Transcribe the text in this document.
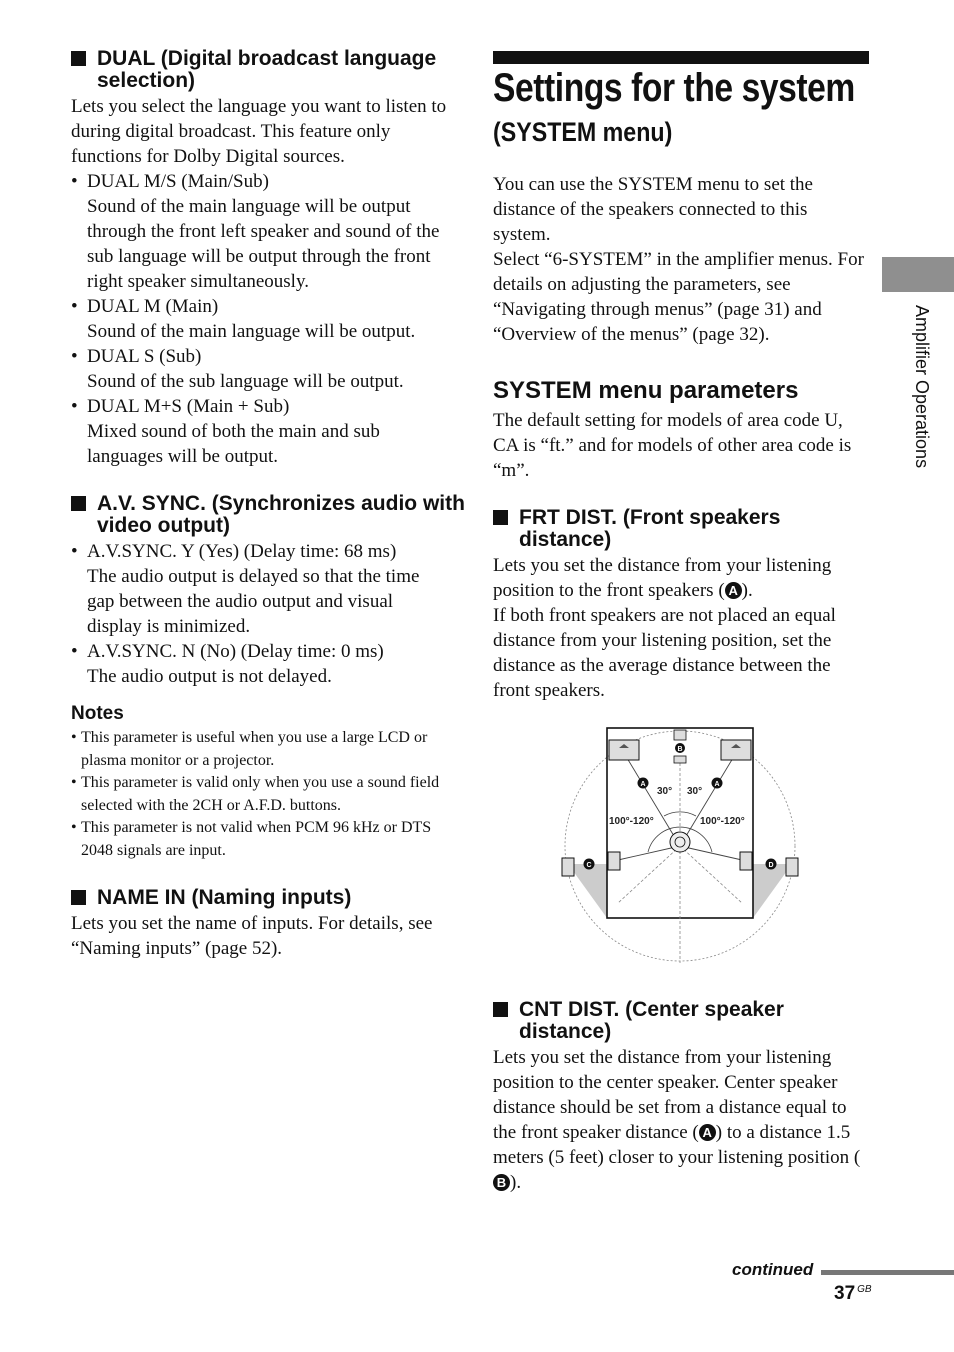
DUAL (Digital broadcast language selection)

Lets you select the language you want to listen to during digital broadcast. This feature only functions for Dolby Digital sources.

• DUAL M/S (Main/Sub)
Sound of the main language will be output through the front left speaker and sound of the sub language will be output through the front right speaker simultaneously.
• DUAL M (Main)
Sound of the main language will be output.
• DUAL S (Sub)
Sound of the sub language will be output.
• DUAL M+S (Main + Sub)
Mixed sound of both the main and sub languages will be output.
A.V. SYNC. (Synchronizes audio with video output)
• A.V.SYNC. Y (Yes) (Delay time: 68 ms)
The audio output is delayed so that the time gap between the audio output and visual display is minimized.
• A.V.SYNC. N (No) (Delay time: 0 ms)
The audio output is not delayed.
Notes
• This parameter is useful when you use a large LCD or plasma monitor or a projector.
• This parameter is valid only when you use a sound field selected with the 2CH or A.F.D. buttons.
• This parameter is not valid when PCM 96 kHz or DTS 2048 signals are input.
NAME IN (Naming inputs)

Lets you set the name of inputs. For details, see “Naming inputs” (page 52).

Settings for the system
(SYSTEM menu)

You can use the SYSTEM menu to set the distance of the speakers connected to this system.

Select “6-SYSTEM” in the amplifier menus. For details on adjusting the parameters, see “Navigating through menus” (page 31) and “Overview of the menus” (page 32).

SYSTEM menu parameters

The default setting for models of area code U, CA is “ft.” and for models of other area code is “m”.

FRT DIST. (Front speakers distance)

Lets you set the distance from your listening position to the front speakers ( A ).

If both front speakers are not placed an equal distance from your listening position, set the distance as the average distance between the front speakers.

CNT DIST. (Center speaker distance)

Lets you set the distance from your listening position to the center speaker. Center speaker distance should be set from a distance equal to the front speaker distance ( A ) to a distance 1.5 meters (5 feet) closer to your listening position (B ).

B
A	A
C	D
30° 30°
100°-120°	100°-120°
Amplifier Operations
continued
37 $^{GB}$
